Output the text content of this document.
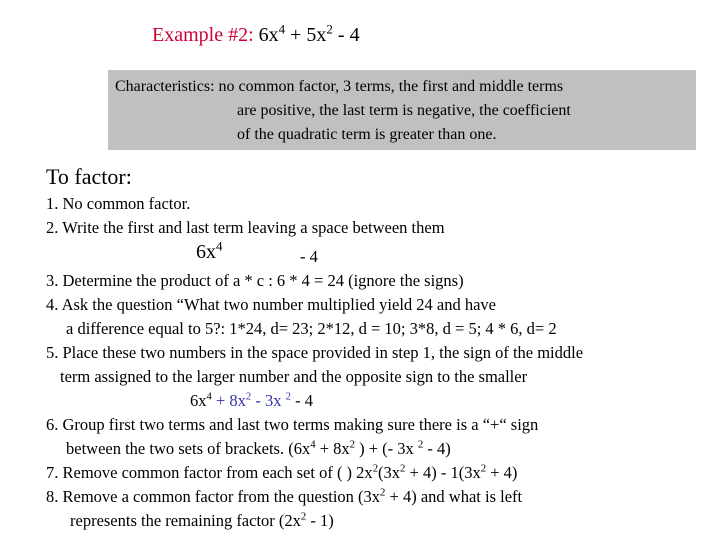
Example #2: $6x^4 + 5x^2 - 4$
Characteristics: no common factor, 3 terms, the first and middle terms
are positive, the last term is negative, the coefficient
of the quadratic term is greater than one.
To factor:
1. No common factor.
2. Write the first and last term leaving a space between them
$6x^4$
- 4
3. Determine the product of a * c : 6 * 4 = 24 (ignore the signs)
4. Ask the question “What two number multiplied yield 24 and have
a difference equal to 5?: 1*24, d= 23; 2*12, d = 10; 3*8, d = 5; 4 * 6, d= 2
5. Place these two numbers in the space provided in step 1, the sign of the middle
term assigned to the larger number and the opposite sign to the smaller
$6x^4 + 8x^2 - 3x$ $^2$ - 4
6. Group first two terms and last two terms making sure there is a “+“ sign
between the two sets of brackets. ($6x^4 + 8x^2$ ) + (- 3x $^2$ - 4)
7. Remove common factor from each set of ( ) $2x^2(3x^2 + 4) - 1(3x^2 + 4)$
8. Remove a common factor from the question $(3x^2 + 4)$ and what is left
represents the remaining factor $(2x^2 - 1)$
